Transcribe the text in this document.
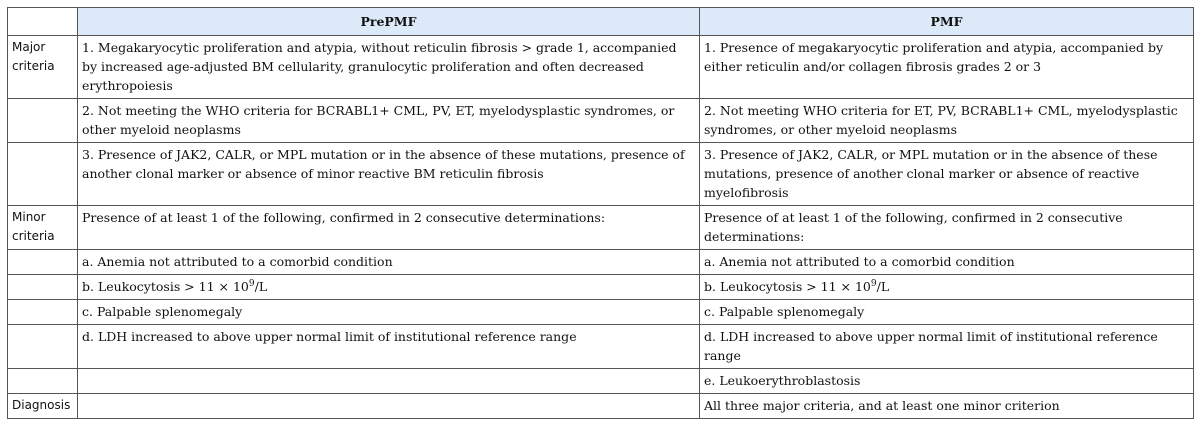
	PrePMF	PMF
Major criteria	1. Megakaryocytic proliferation and atypia, without reticulin fibrosis > grade 1, accompanied by increased age-adjusted BM cellularity, granulocytic proliferation and often decreased erythropoiesis	1. Presence of megakaryocytic proliferation and atypia, accompanied by either reticulin and/or collagen fibrosis grades 2 or 3
	2. Not meeting the WHO criteria for BCRABL1+ CML, PV, ET, myelodysplastic syndromes, or other myeloid neoplasms	2. Not meeting WHO criteria for ET, PV, BCRABL1+ CML, myelodysplastic syndromes, or other myeloid neoplasms
	3. Presence of JAK2, CALR, or MPL mutation or in the absence of these mutations, presence of another clonal marker or absence of minor reactive BM reticulin fibrosis	3. Presence of JAK2, CALR, or MPL mutation or in the absence of these mutations, presence of another clonal marker or absence of reactive myelofibrosis
Minor criteria	Presence of at least 1 of the following, confirmed in 2 consecutive determinations:	Presence of at least 1 of the following, confirmed in 2 consecutive determinations:
	a. Anemia not attributed to a comorbid condition	a. Anemia not attributed to a comorbid condition
	b. Leukocytosis > $11 \times 10^9/L$	b. Leukocytosis > $11 \times 10^9/L$
	c. Palpable splenomegaly	c. Palpable splenomegaly
	d. LDH increased to above upper normal limit of institutional reference range	d. LDH increased to above upper normal limit of institutional reference range
		e. Leukoerythroblastosis
Diagnosis		All three major criteria, and at least one minor criterion
